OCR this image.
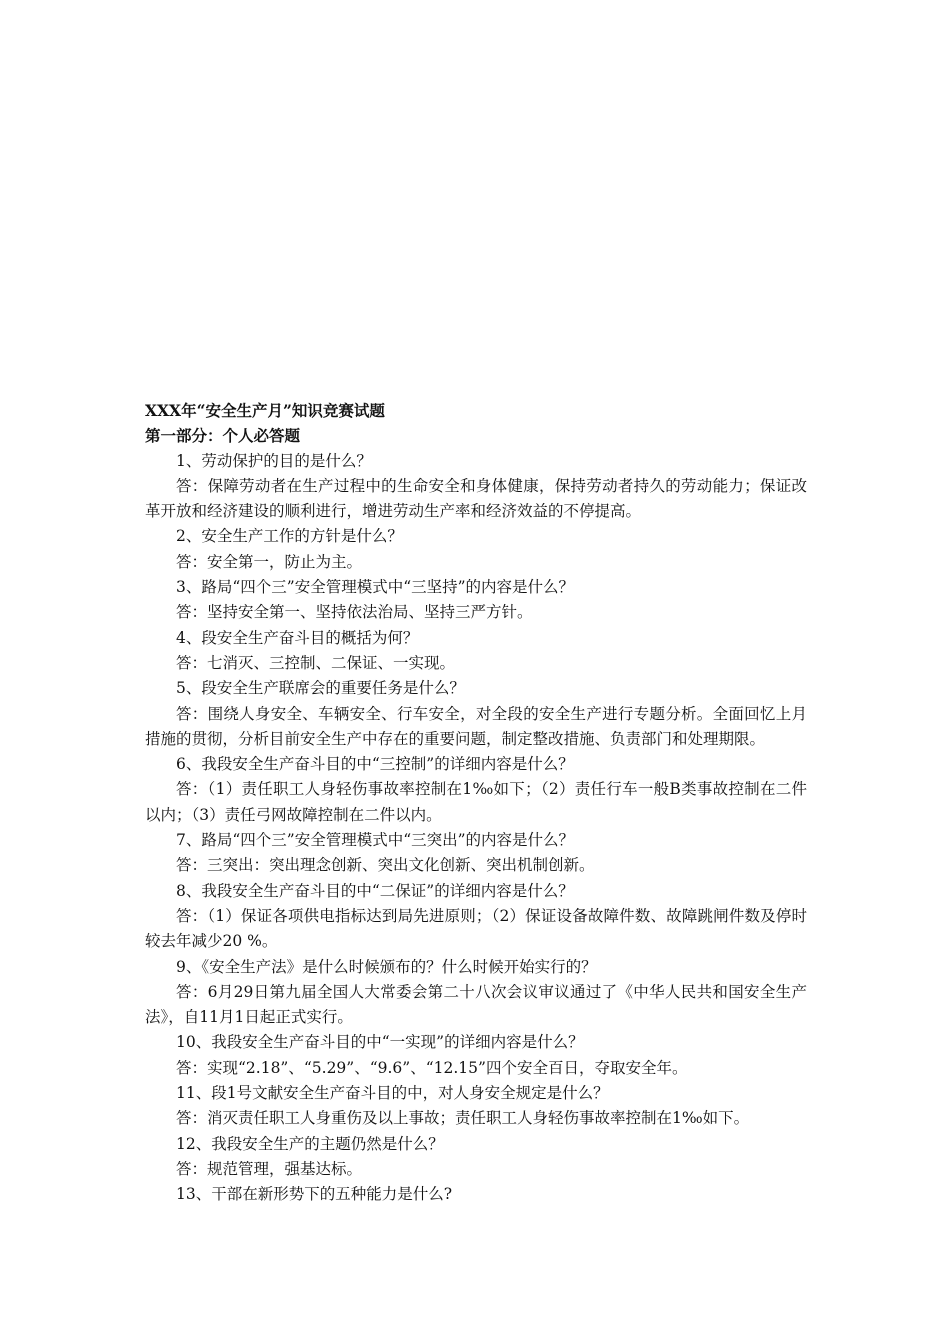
XXX年“安全生产月”知识竞赛试题

第一部分：个人必答题

1、劳动保护的目的是什么？

答：保障劳动者在生产过程中的生命安全和身体健康，保持劳动者持久的劳动能力；保证改革开放和经济建设的顺利进行，增进劳动生产率和经济效益的不停提高。

2、安全生产工作的方针是什么？

答：安全第一，防止为主。

3、路局“四个三”安全管理模式中“三坚持”的内容是什么？

答：坚持安全第一、坚持依法治局、坚持三严方针。

4、段安全生产奋斗目的概括为何？

答：七消灭、三控制、二保证、一实现。

5、段安全生产联席会的重要任务是什么？

答：围绕人身安全、车辆安全、行车安全，对全段的安全生产进行专题分析。全面回忆上月措施的贯彻，分析目前安全生产中存在的重要问题，制定整改措施、负责部门和处理期限。

6、我段安全生产奋斗目的中“三控制”的详细内容是什么？

答：（1）责任职工人身轻伤事故率控制在1‰如下；（2）责任行车一般B类事故控制在二件以内；（3）责任弓网故障控制在二件以内。

7、路局“四个三”安全管理模式中“三突出”的内容是什么？

答：三突出：突出理念创新、突出文化创新、突出机制创新。

8、我段安全生产奋斗目的中“二保证”的详细内容是什么？

答：（1）保证各项供电指标达到局先进原则；（2）保证设备故障件数、故障跳闸件数及停时较去年减少20 %。

9、《安全生产法》是什么时候颁布的？什么时候开始实行的？

答：6月29日第九届全国人大常委会第二十八次会议审议通过了《中华人民共和国安全生产法》，自11月1日起正式实行。

10、我段安全生产奋斗目的中“一实现”的详细内容是什么？

答：实现“2.18”、“5.29”、“9.6”、“12.15”四个安全百日，夺取安全年。

11、段1号文献安全生产奋斗目的中，对人身安全规定是什么？

答：消灭责任职工人身重伤及以上事故；责任职工人身轻伤事故率控制在1‰如下。

12、我段安全生产的主题仍然是什么？

答：规范管理，强基达标。

13、干部在新形势下的五种能力是什么?
